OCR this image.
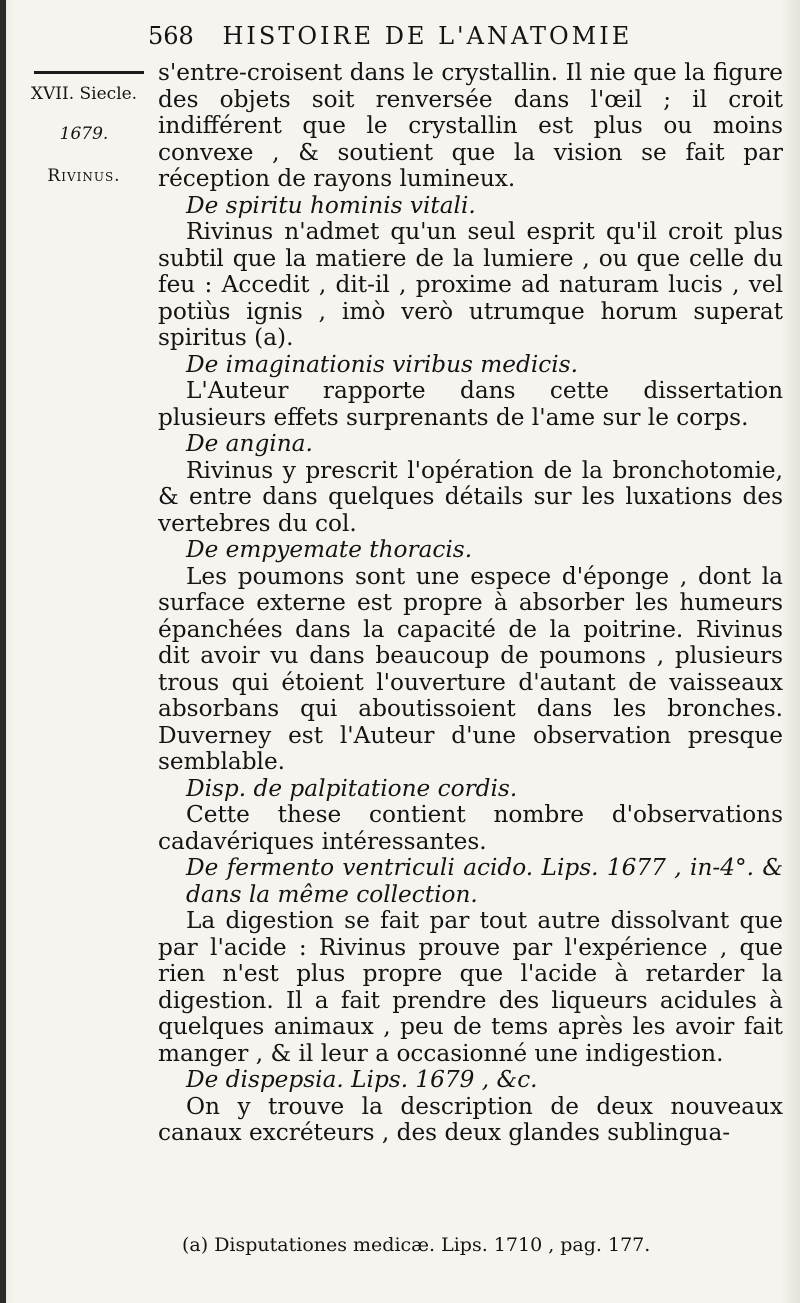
568 HISTOIRE DE L'ANATOMIE
XVII. Siecle.
1679.
Rivinus.

s'entre-croisent dans le crystallin. Il nie que la figure des objets soit renversée dans l'œil ; il croit indifférent que le crystallin est plus ou moins convexe , & soutient que la vision se fait par réception de rayons lumineux.

De spiritu hominis vitali.

Rivinus n'admet qu'un seul esprit qu'il croit plus subtil que la matiere de la lumiere , ou que celle du feu : Accedit , dit-il , proxime ad naturam lucis , vel potiùs ignis , imò verò utrumque horum superat spiritus (a).

De imaginationis viribus medicis.

L'Auteur rapporte dans cette dissertation plusieurs effets surprenants de l'ame sur le corps.

De angina.

Rivinus y prescrit l'opération de la bronchotomie, & entre dans quelques détails sur les luxations des vertebres du col.

De empyemate thoracis.

Les poumons sont une espece d'éponge , dont la surface externe est propre à absorber les humeurs épanchées dans la capacité de la poitrine. Rivinus dit avoir vu dans beaucoup de poumons , plusieurs trous qui étoient l'ouverture d'autant de vaisseaux absorbans qui aboutissoient dans les bronches. Duverney est l'Auteur d'une observation presque semblable.

Disp. de palpitatione cordis.

Cette these contient nombre d'observations cadavériques intéressantes.

De fermento ventriculi acido. Lips. 1677 , in-4°. & dans la même collection.

La digestion se fait par tout autre dissolvant que par l'acide : Rivinus prouve par l'expérience , que rien n'est plus propre que l'acide à retarder la digestion. Il a fait prendre des liqueurs acidules à quelques animaux , peu de tems après les avoir fait manger , & il leur a occasionné une indigestion.

De dispepsia. Lips. 1679 , &c.

On y trouve la description de deux nouveaux canaux excréteurs , des deux glandes sublingua-

(a) Disputationes medicæ. Lips. 1710 , pag. 177.
